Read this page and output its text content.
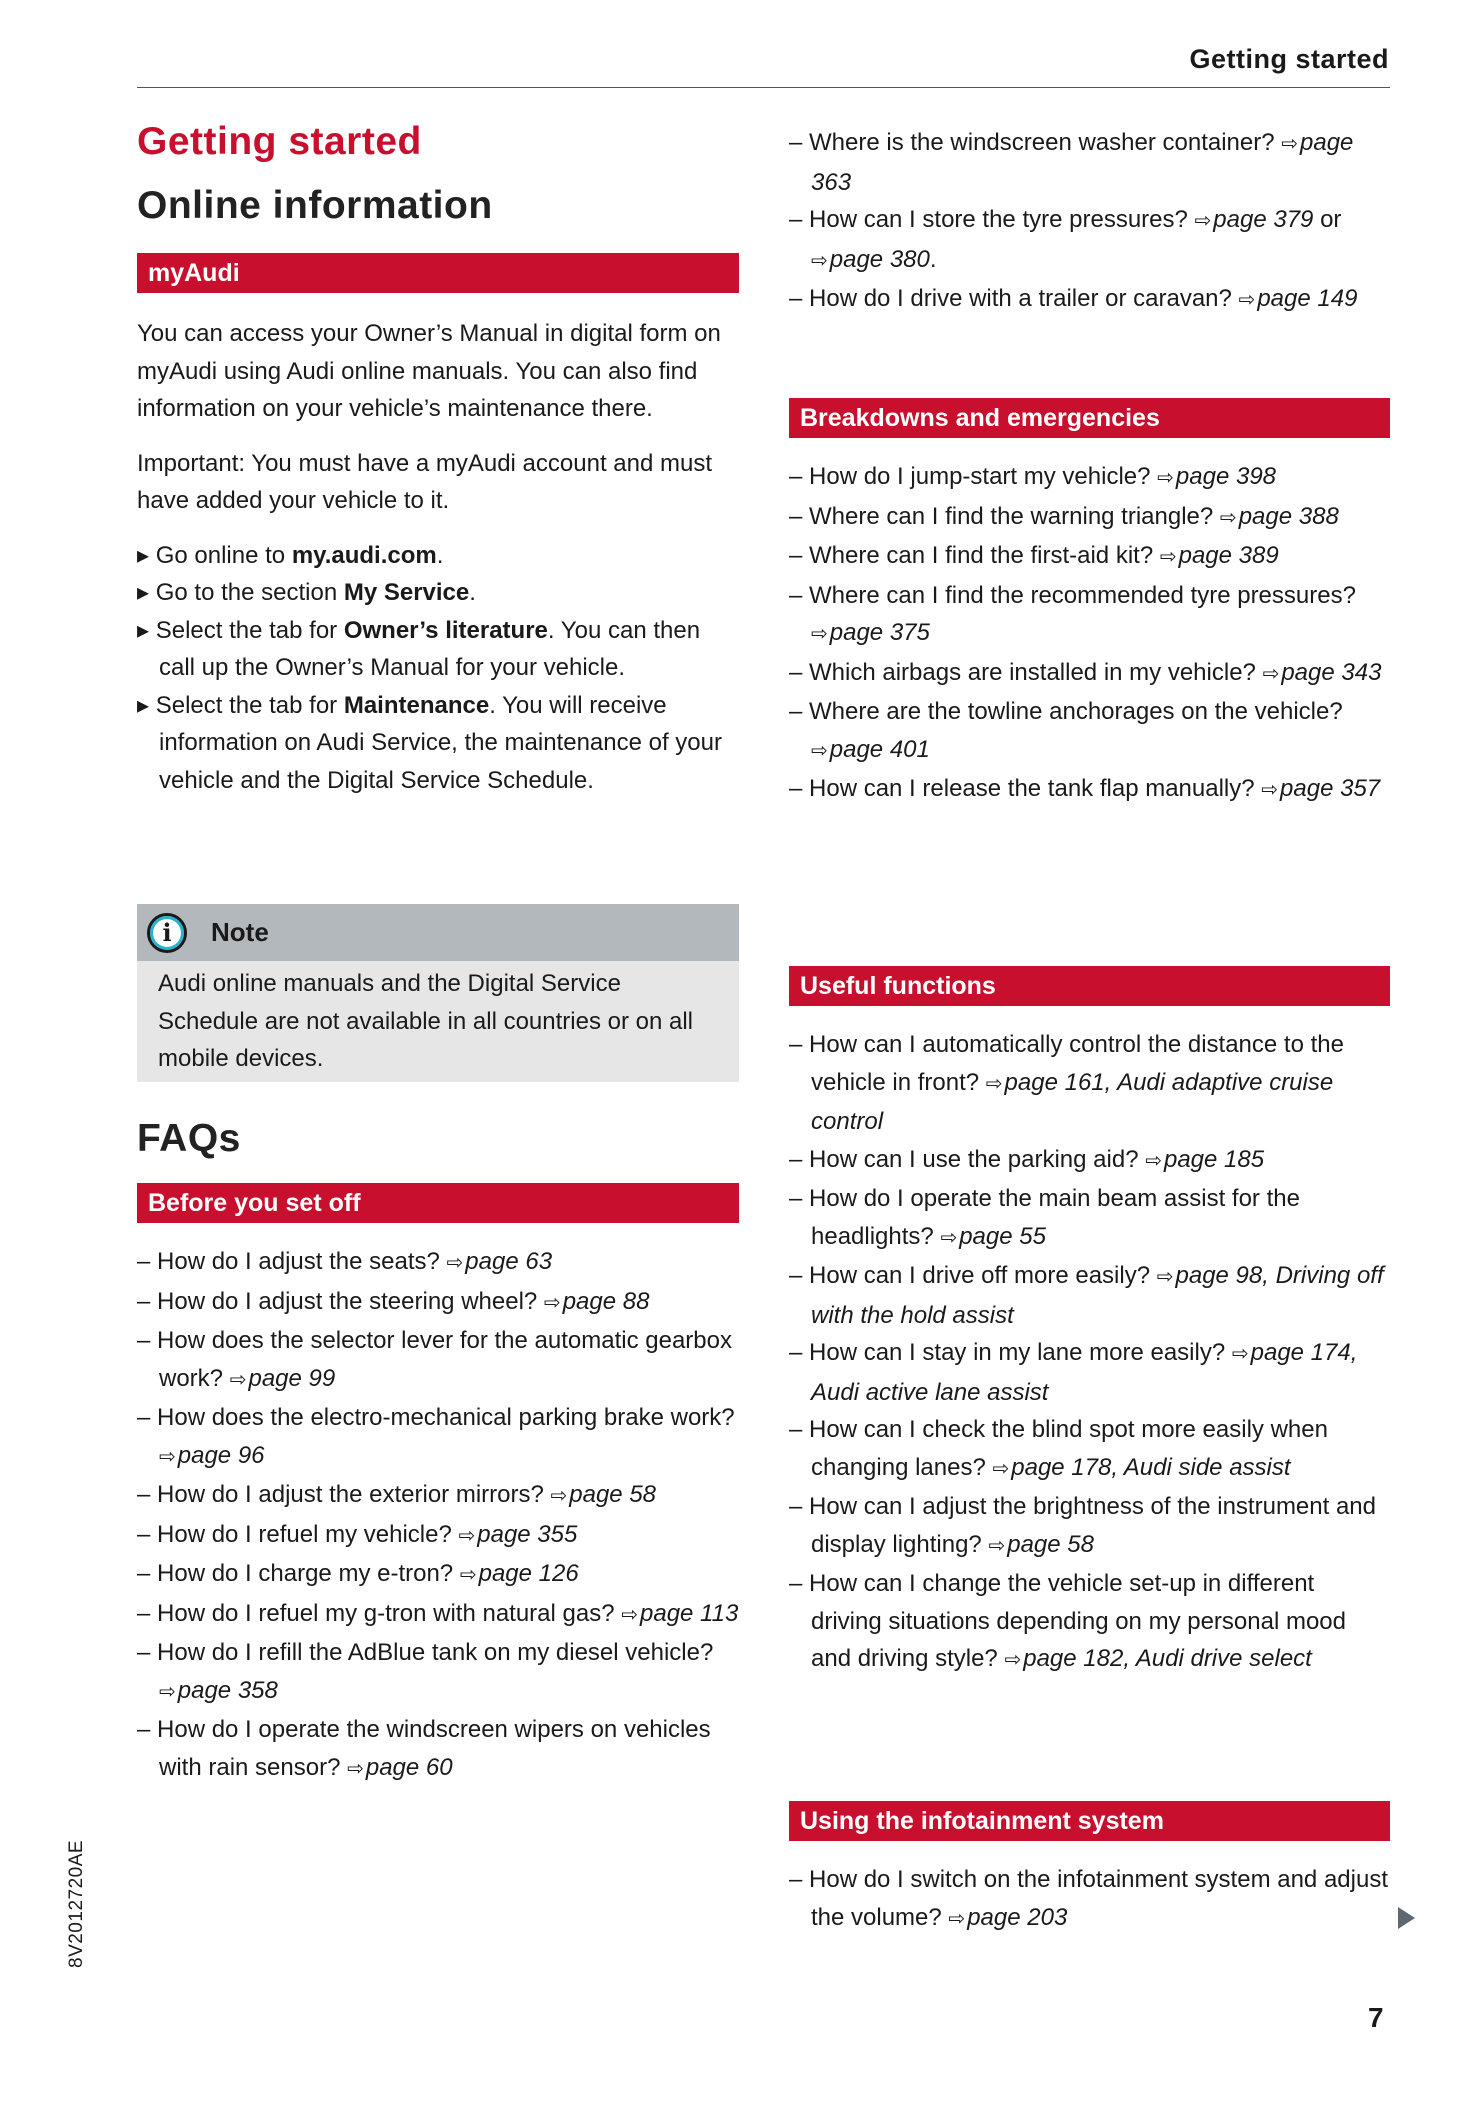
Getting started
Getting started
Online information
myAudi

You can access your Owner’s Manual in digital form on myAudi using Audi online manuals. You can also find information on your vehicle’s maintenance there.

Important: You must have a myAudi account and must have added your vehicle to it.

▸ Go online to my.audi.com.
▸ Go to the section My Service.
▸ Select the tab for Owner’s literature. You can then call up the Owner’s Manual for your vehicle.
▸ Select the tab for Maintenance. You will receive information on Audi Service, the maintenance of your vehicle and the Digital Service Schedule.
i	Note
Audi online manuals and the Digital Service Schedule are not available in all countries or on all mobile devices.
FAQs
Before you set off
– How do I adjust the seats? ⇨page 63
– How do I adjust the steering wheel? ⇨page 88
– How does the selector lever for the automatic gearbox work? ⇨page 99
– How does the electro-mechanical parking brake work? ⇨page 96
– How do I adjust the exterior mirrors? ⇨page 58
– How do I refuel my vehicle? ⇨page 355
– How do I charge my e-tron? ⇨page 126
– How do I refuel my g-tron with natural gas? ⇨page 113
– How do I refill the AdBlue tank on my diesel vehicle? ⇨page 358
– How do I operate the windscreen wipers on vehicles with rain sensor? ⇨page 60
– Where is the windscreen washer container? ⇨page 363
– How can I store the tyre pressures? ⇨page 379 or ⇨page 380.
– How do I drive with a trailer or caravan? ⇨page 149
Breakdowns and emergencies
– How do I jump-start my vehicle? ⇨page 398
– Where can I find the warning triangle? ⇨page 388
– Where can I find the first-aid kit? ⇨page 389
– Where can I find the recommended tyre pressures? ⇨page 375
– Which airbags are installed in my vehicle? ⇨page 343
– Where are the towline anchorages on the vehicle? ⇨page 401
– How can I release the tank flap manually? ⇨page 357
Useful functions
– How can I automatically control the distance to the vehicle in front? ⇨page 161, Audi adaptive cruise control
– How can I use the parking aid? ⇨page 185
– How do I operate the main beam assist for the headlights? ⇨page 55
– How can I drive off more easily? ⇨page 98, Driving off with the hold assist
– How can I stay in my lane more easily? ⇨page 174, Audi active lane assist
– How can I check the blind spot more easily when changing lanes? ⇨page 178, Audi side assist
– How can I adjust the brightness of the instrument and display lighting? ⇨page 58
– How can I change the vehicle set-up in different driving situations depending on my personal mood and driving style? ⇨page 182, Audi drive select
Using the infotainment system
– How do I switch on the infotainment system and adjust the volume? ⇨page 203
7
8V2012720AE
